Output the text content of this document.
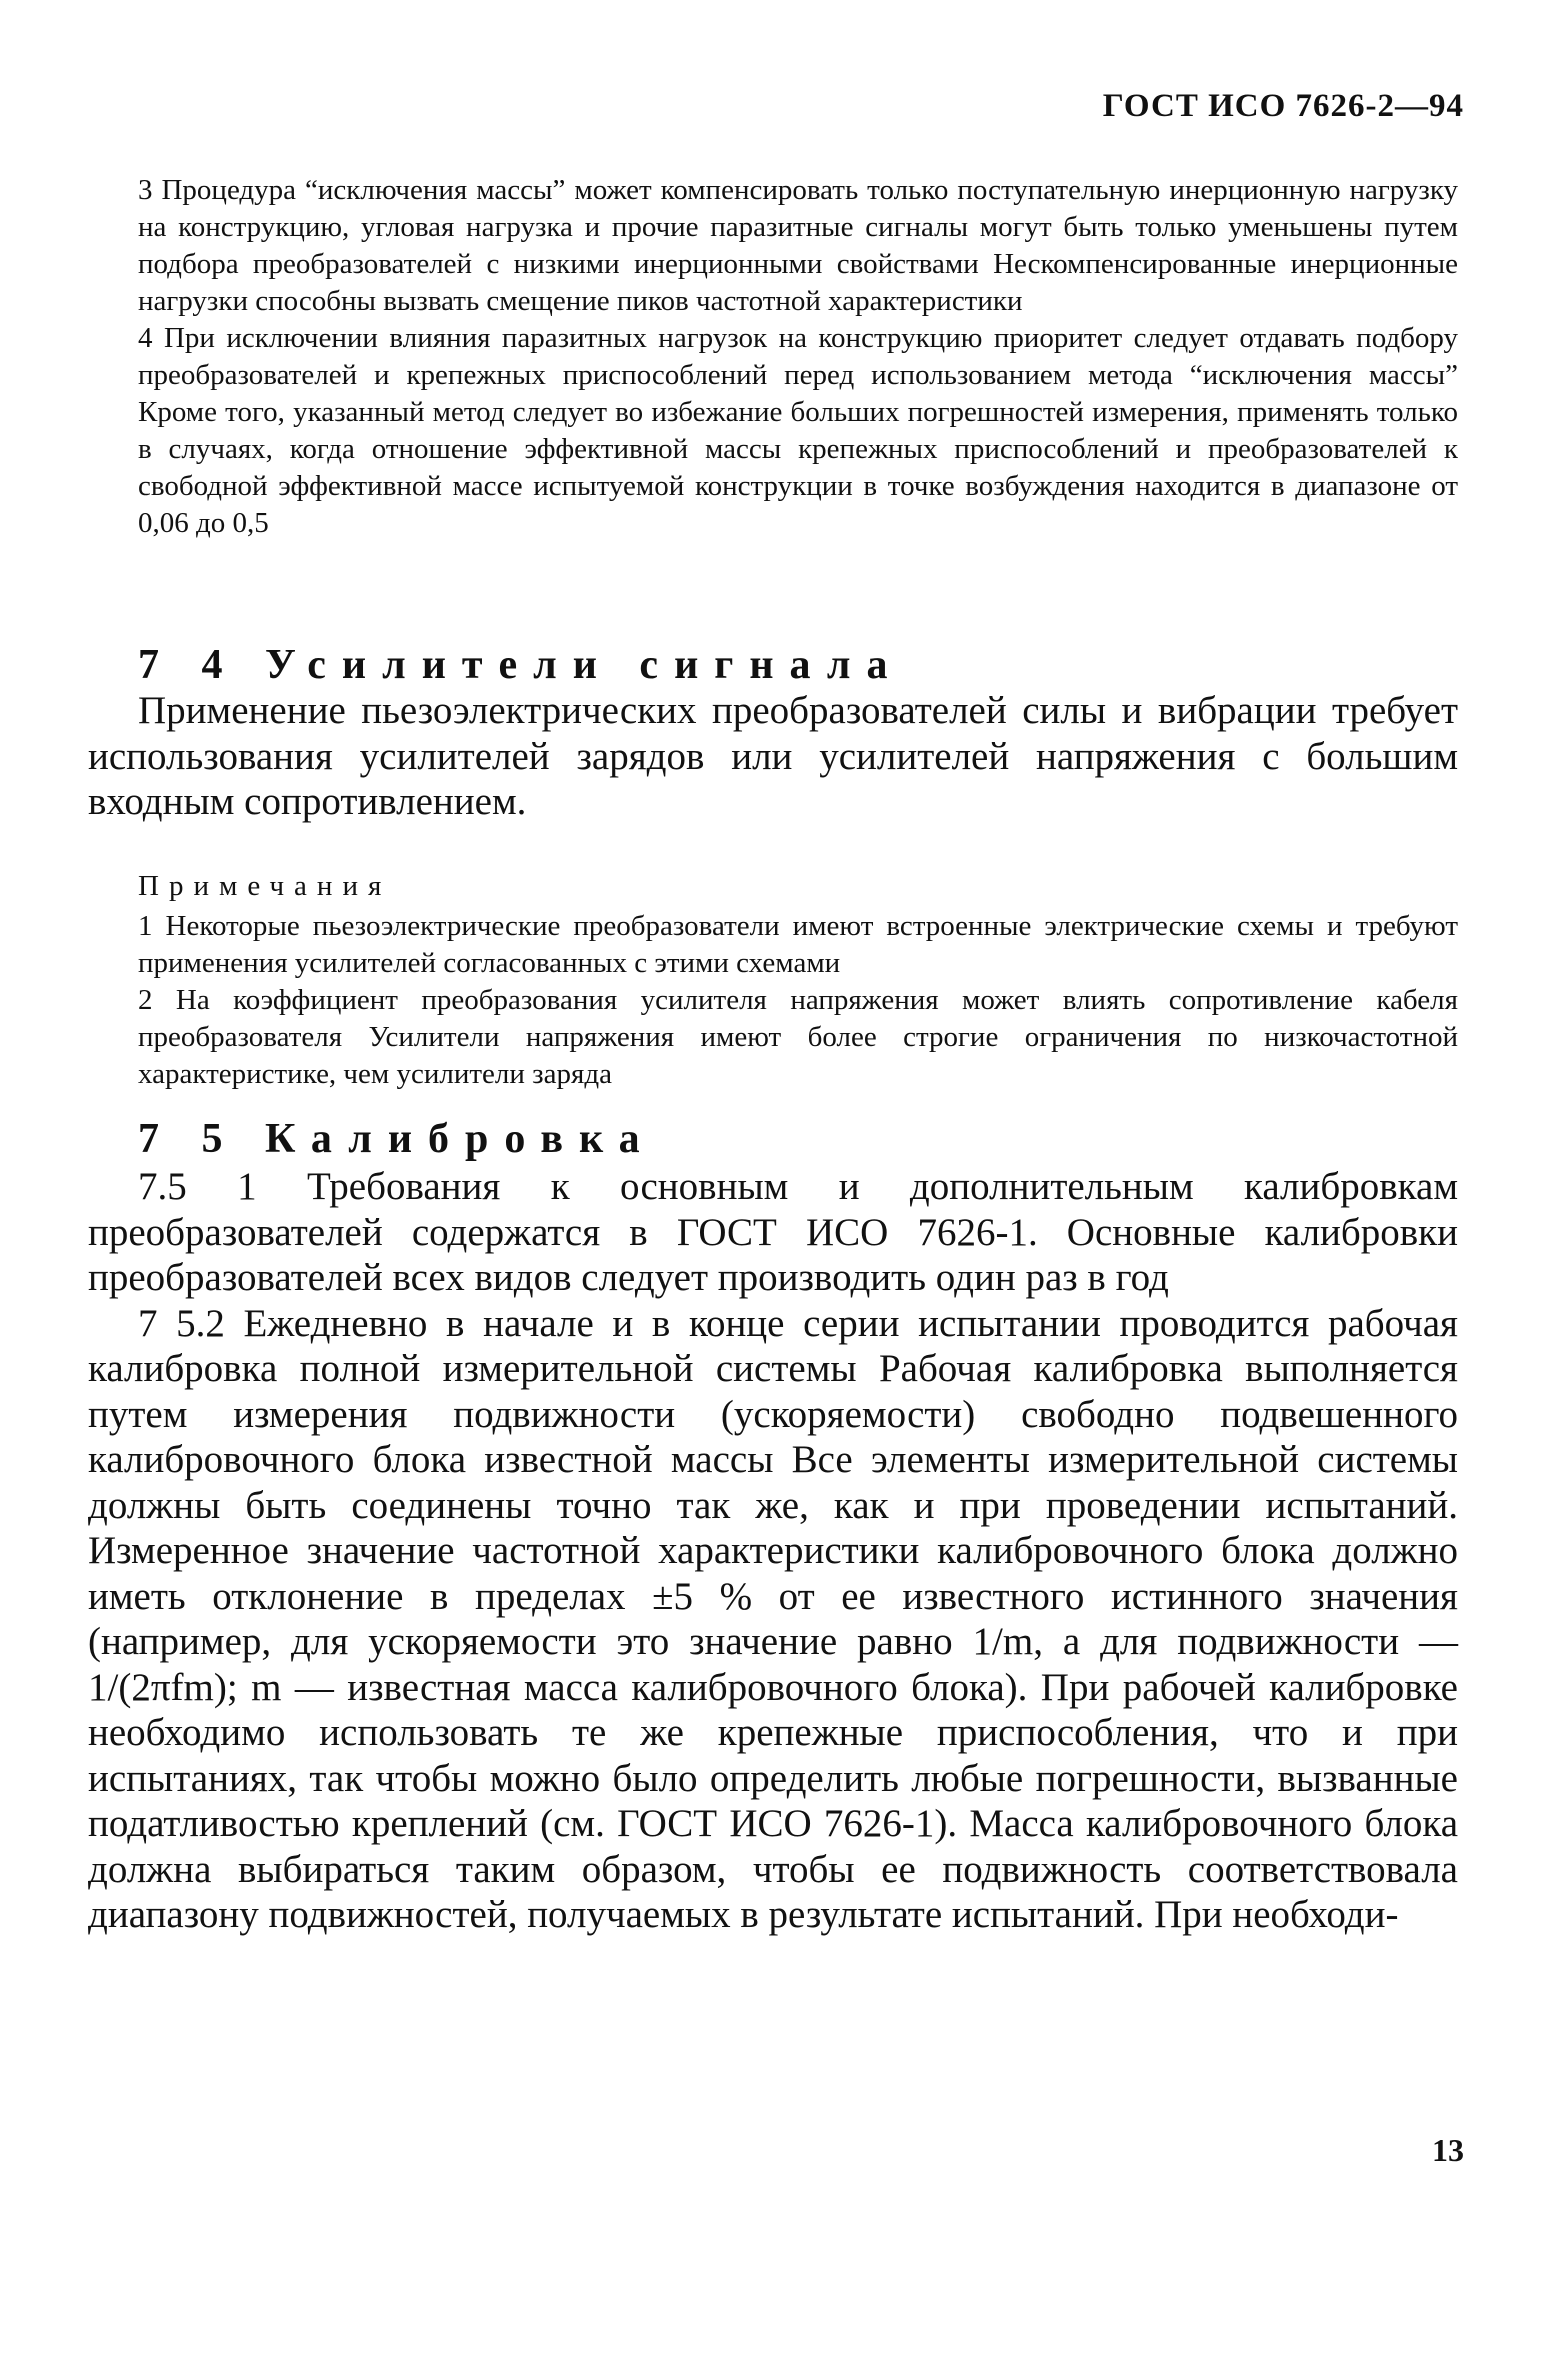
ГОСТ ИСО 7626-2—94

3 Процедура “исключения массы” может компенсировать только поступательную инерционную нагрузку на конструкцию, угловая нагрузка и прочие паразитные сигналы могут быть только уменьшены путем подбора преобразователей с низкими инерционными свойствами Нескомпенсированные инерционные нагрузки способны вызвать смещение пиков частотной характеристики

4 При исключении влияния паразитных нагрузок на конструкцию приоритет следует отдавать подбору преобразователей и крепежных приспособлений перед использованием метода “исключения массы” Кроме того, указанный метод следует во избежание больших погрешностей измерения, применять только в случаях, когда отношение эффективной массы крепежных приспособлений и преобразователей к свободной эффективной массе испытуемой конструкции в точке возбуждения находится в диапазоне от 0,06 до 0,5

7 4 Усилители сигнала

Применение пьезоэлектрических преобразователей силы и вибрации требует использования усилителей зарядов или усилителей напряжения с большим входным сопротивлением.

Примечания

1 Некоторые пьезоэлектрические преобразователи имеют встроенные электрические схемы и требуют применения усилителей согласованных с этими схемами

2 На коэффициент преобразования усилителя напряжения может влиять сопротивление кабеля преобразователя Усилители напряжения имеют более строгие ограничения по низкочастотной характеристике, чем усилители заряда

7 5 Калибровка

7.5 1 Требования к основным и дополнительным калибровкам преобразователей содержатся в ГОСТ ИСО 7626-1. Основные калибровки преобразователей всех видов следует производить один раз в год

7 5.2 Ежедневно в начале и в конце серии испытании проводится рабочая калибровка полной измерительной системы Рабочая калибровка выполняется путем измерения подвижности (ускоряемости) свободно подвешенного калибровочного блока известной массы Все элементы измерительной системы должны быть соединены точно так же, как и при проведении испытаний. Измеренное значение частотной характеристики калибровочного блока должно иметь отклонение в пределах ±5 % от ее известного истинного значения (например, для ускоряемости это значение равно 1/m, а для подвижности — 1/(2πfm); m — известная масса калибровочного блока). При рабочей калибровке необходимо использовать те же крепежные приспособления, что и при испытаниях, так чтобы можно было определить любые погрешности, вызванные податливостью креплений (см. ГОСТ ИСО 7626-1). Масса калибровочного блока должна выбираться таким образом, чтобы ее подвижность соответствовала диапазону подвижностей, получаемых в результате испытаний. При необходи-

13
